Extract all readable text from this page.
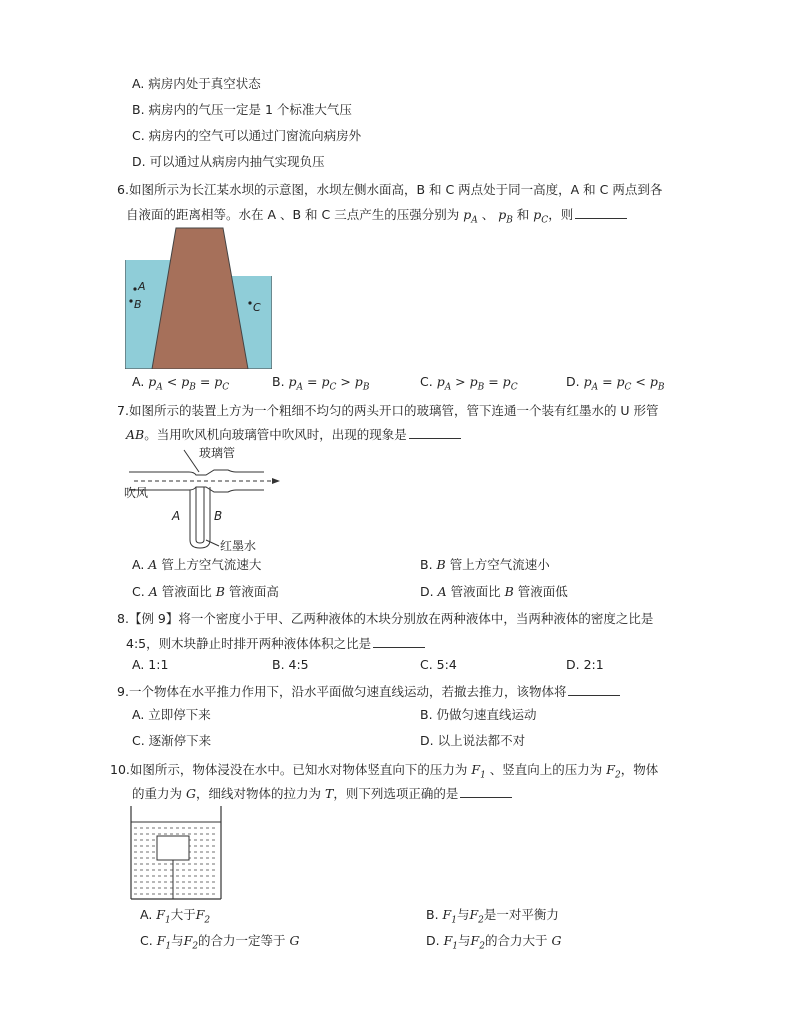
A. 病房内处于真空状态
B. 病房内的气压一定是 1 个标准大气压
C. 病房内的空气可以通过门窗流向病房外
D. 可以通过从病房内抽气实现负压
6.如图所示为长江某水坝的示意图，水坝左侧水面高，B 和 C 两点处于同一高度，A 和 C 两点到各
自液面的距离相等。水在 A 、B 和 C 三点产生的压强分别为 $p_A$ 、 $p_B$ 和 $p_C$，则
A
B	C
A. $p_A < p_B = p_C$	B. $p_A = p_C > p_B$	C. $p_A > p_B = p_C$	D. $p_A = p_C < p_B$
7.如图所示的装置上方为一个粗细不均匀的两头开口的玻璃管，管下连通一个装有红墨水的 U 形管
AB。当用吹风机向玻璃管中吹风时，出现的现象是
玻璃管
吹风
A	B
红墨水
A. A 管上方空气流速大	B. B 管上方空气流速小
C. A 管液面比 B 管液面高	D. A 管液面比 B 管液面低
8.【例 9】将一个密度小于甲、乙两种液体的木块分别放在两种液体中，当两种液体的密度之比是
4:5，则木块静止时排开两种液体体积之比是
A. 1:1	B. 4:5	C. 5:4	D. 2:1
9.一个物体在水平推力作用下，沿水平面做匀速直线运动，若撤去推力，该物体将
A. 立即停下来	B. 仍做匀速直线运动
C. 逐渐停下来	D. 以上说法都不对
10.如图所示，物体浸没在水中。已知水对物体竖直向下的压力为 $F_1$ 、竖直向上的压力为 $F_2$，物体
的重力为 G，细线对物体的拉力为 T，则下列选项正确的是
A. $F_1$大于$F_2$	B. $F_1$与$F_2$是一对平衡力
C. $F_1$与$F_2$的合力一定等于 G	D. $F_1$与$F_2$的合力大于 G
